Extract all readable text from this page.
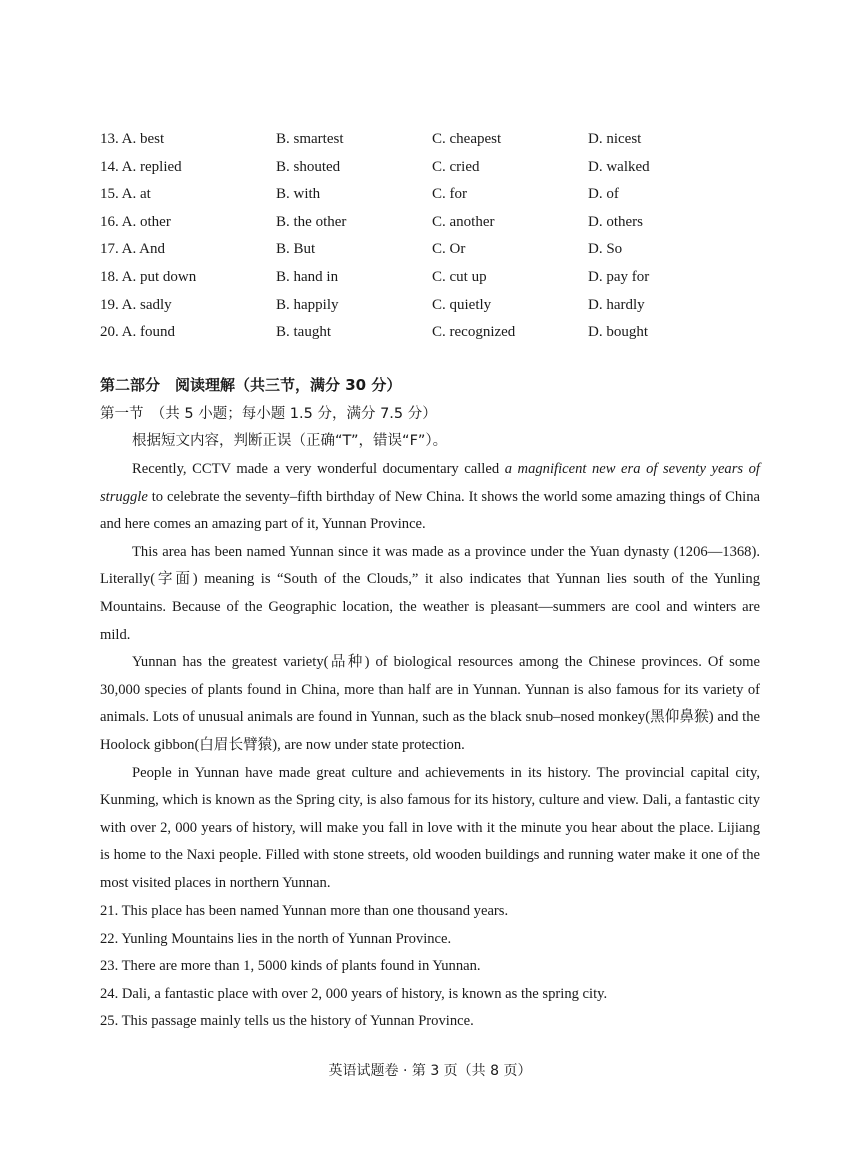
13. A. best	B. smartest	C. cheapest	D. nicest
14. A. replied	B. shouted	C. cried	D. walked
15. A. at	B. with	C. for	D. of
16. A. other	B. the other	C. another	D. others
17. A. And	B. But	C. Or	D. So
18. A. put down	B. hand in	C. cut up	D. pay for
19. A. sadly	B. happily	C. quietly	D. hardly
20. A. found	B. taught	C. recognized	D. bought
第二部分　阅读理解（共三节，满分 30 分）
第一节　（共 5 小题；每小题 1.5 分，满分 7.5 分）
根据短文内容，判断正误（正确“T”，错误“F”）。

Recently, CCTV made a very wonderful documentary called a magnificent new era of seventy years of struggle to celebrate the seventy–fifth birthday of New China. It shows the world some amazing things of China and here comes an amazing part of it, Yunnan Province.

This area has been named Yunnan since it was made as a province under the Yuan dynasty (1206—1368). Literally(字面) meaning is “South of the Clouds,” it also indicates that Yunnan lies south of the Yunling Mountains. Because of the Geographic location, the weather is pleasant—summers are cool and winters are mild.

Yunnan has the greatest variety(品种) of biological resources among the Chinese provinces. Of some 30,000 species of plants found in China, more than half are in Yunnan. Yunnan is also famous for its variety of animals. Lots of unusual animals are found in Yunnan, such as the black snub–nosed monkey(黑仰鼻猴) and the Hoolock gibbon(白眉长臂猿), are now under state protection.

People in Yunnan have made great culture and achievements in its history. The provincial capital city, Kunming, which is known as the Spring city, is also famous for its history, culture and view. Dali, a fantastic city with over 2, 000 years of history, will make you fall in love with it the minute you hear about the place. Lijiang is home to the Naxi people. Filled with stone streets, old wooden buildings and running water make it one of the most visited places in northern Yunnan.

21. This place has been named Yunnan more than one thousand years.
22. Yunling Mountains lies in the north of Yunnan Province.
23. There are more than 1, 5000 kinds of plants found in Yunnan.
24. Dali, a fantastic place with over 2, 000 years of history, is known as the spring city.
25. This passage mainly tells us the history of Yunnan Province.
英语试题卷 · 第 3 页（共 8 页）
